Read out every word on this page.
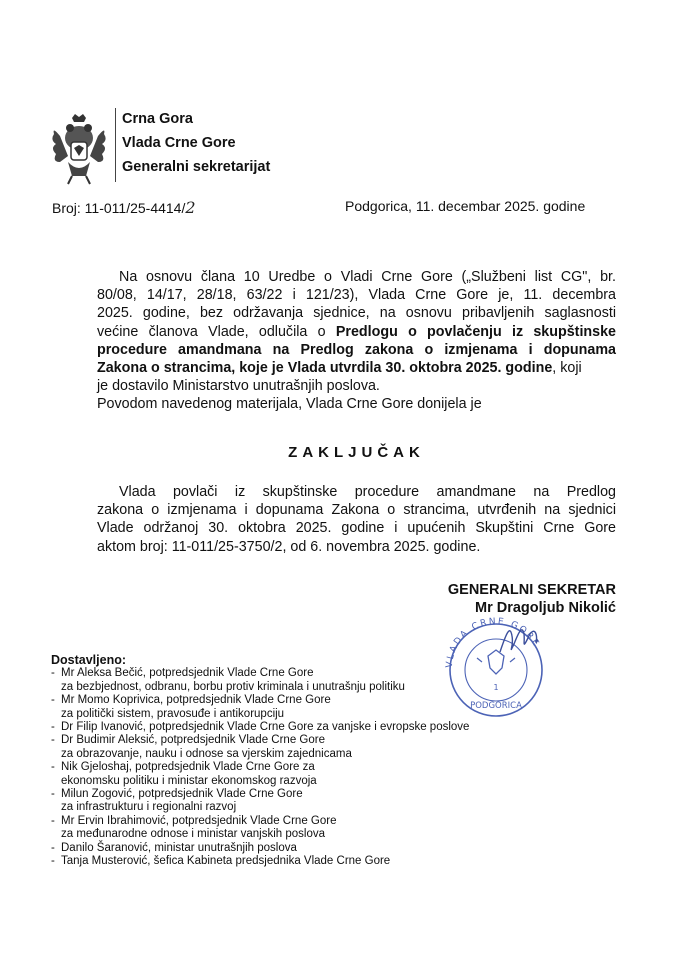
Crna Gora
Vlada Crne Gore
Generalni sekretarijat
Broj: 11-011/25-4414/2	Podgorica, 11. decembar 2025. godine
Na osnovu člana 10 Uredbe o Vladi Crne Gore („Službeni list CG", br.
80/08, 14/17, 28/18, 63/22 i 121/23), Vlada Crne Gore je, 11. decembra
2025. godine, bez održavanja sjednice, na osnovu pribavljenih saglasnosti
većine članova Vlade, odlučila o Predlogu o povlačenju iz skupštinske
procedure amandmana na Predlog zakona o izmjenama i dopunama
Zakona o strancima, koje je Vlada utvrdila 30. oktobra 2025. godine, koji
je dostavilo Ministarstvo unutrašnjih poslova.
Povodom navedenog materijala, Vlada Crne Gore donijela je
ZAKLJUČAK
Vlada povlači iz skupštinske procedure amandmane na Predlog
zakona o izmjenama i dopunama Zakona o strancima, utvrđenih na sjednici
Vlade održanoj 30. oktobra 2025. godine i upućenih Skupštini Crne Gore
aktom broj: 11-011/25-3750/2, od 6. novembra 2025. godine.
GENERALNI SEKRETAR
Mr Dragoljub Nikolić
VLADA CRNE GORE
1
PODGORICA
Dostavljeno:
- Mr Aleksa Bečić, potpredsjednik Vlade Crne Gore
za bezbjednost, odbranu, borbu protiv kriminala i unutrašnju politiku
- Mr Momo Koprivica, potpredsjednik Vlade Crne Gore
za politički sistem, pravosuđe i antikorupciju
- Dr Filip Ivanović, potpredsjednik Vlade Crne Gore za vanjske i evropske poslove
- Dr Budimir Aleksić, potpredsjednik Vlade Crne Gore
za obrazovanje, nauku i odnose sa vjerskim zajednicama
- Nik Gjeloshaj, potpredsjednik Vlade Crne Gore za
ekonomsku politiku i ministar ekonomskog razvoja
- Milun Zogović, potpredsjednik Vlade Crne Gore
za infrastrukturu i regionalni razvoj
- Mr Ervin Ibrahimović, potpredsjednik Vlade Crne Gore
za međunarodne odnose i ministar vanjskih poslova
- Danilo Šaranović, ministar unutrašnjih poslova
- Tanja Musterović, šefica Kabineta predsjednika Vlade Crne Gore
